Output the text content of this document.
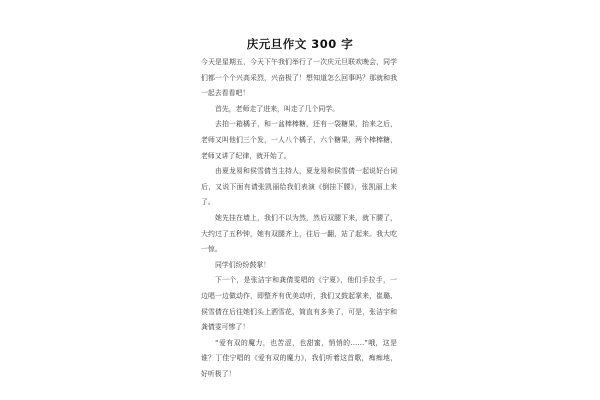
庆元旦作文 300 字

今天是星期五，今天下午我们举行了一次庆元旦联欢晚会，同学们都一个个兴高采烈，兴奋极了！想知道怎么回事吗？那就和我一起去看看吧！

首先，老师走了进来，叫走了几个同学。

去拍一箱橘子，和一盆棒棒糖，还有一袋糖果，抬来之后，老师又叫他们三个发，一人八个橘子，六个糖果，两个棒棒糖，老师又讲了纪律，就开始了。

由夏龙易和侯雪倩当主持人，夏龙易和侯雪倩一起说好台词后，又说下面有请张凯丽给我们表演《倒挂下腰》，张凯丽上来了。

她先挂在墙上，我们不以为然，然后双腿下来，就下腰了，大约过了五秒钟，她有双腿齐上，往后一翻，站了起来。我大吃一惊。

同学们纷纷鼓掌！

下一个，是张洁宇和龚倩雯唱的《宁夏》，他们手拉手，一边唱一边做动作，即整齐有优美动听，我们又鼓起掌来，崔璐、侯雪倩在后往她们头上洒雪花，简直有多美了，可是，张洁宇和龚倩雯可惨了！

“爱有双的魔力，也苦涩，也甜蜜，悄悄的……”哦，这是谁？丁佳宁唱的《爱有双的魔力》，我们听着这首歌，痴痴地，好听极了！
